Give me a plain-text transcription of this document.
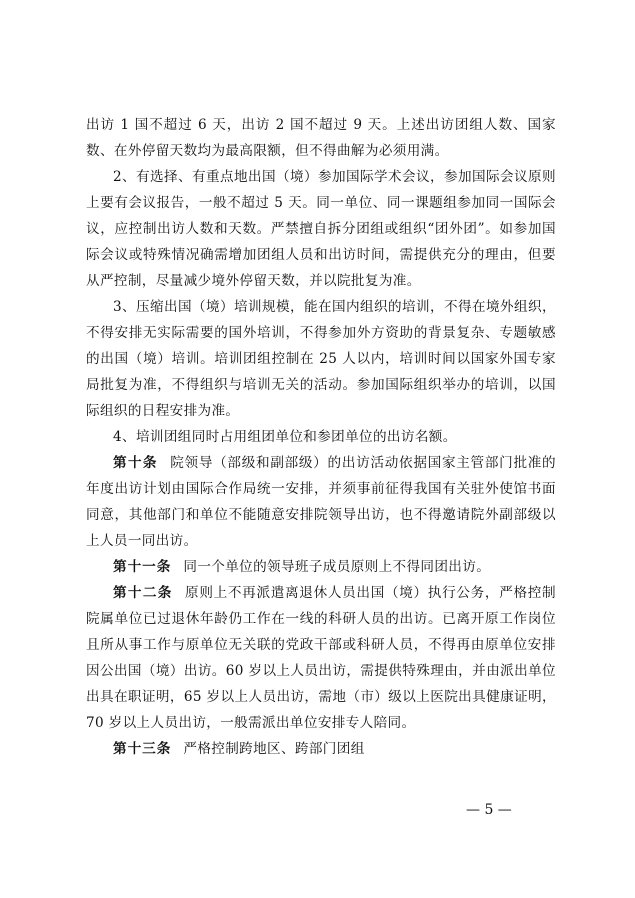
出访 1 国不超过 6 天，出访 2 国不超过 9 天。上述出访团组人数、国家数、在外停留天数均为最高限额，但不得曲解为必须用满。

2、有选择、有重点地出国（境）参加国际学术会议，参加国际会议原则上要有会议报告，一般不超过 5 天。同一单位、同一课题组参加同一国际会议，应控制出访人数和天数。严禁擅自拆分团组或组织“团外团”。如参加国际会议或特殊情况确需增加团组人员和出访时间，需提供充分的理由，但要从严控制，尽量减少境外停留天数，并以院批复为准。

3、压缩出国（境）培训规模，能在国内组织的培训，不得在境外组织，不得安排无实际需要的国外培训，不得参加外方资助的背景复杂、专题敏感的出国（境）培训。培训团组控制在 25 人以内，培训时间以国家外国专家局批复为准，不得组织与培训无关的活动。参加国际组织举办的培训，以国际组织的日程安排为准。

4、培训团组同时占用组团单位和参团单位的出访名额。

第十条 院领导（部级和副部级）的出访活动依据国家主管部门批准的年度出访计划由国际合作局统一安排，并须事前征得我国有关驻外使馆书面同意，其他部门和单位不能随意安排院领导出访，也不得邀请院外副部级以上人员一同出访。

第十一条 同一个单位的领导班子成员原则上不得同团出访。

第十二条 原则上不再派遣离退休人员出国（境）执行公务，严格控制院属单位已过退休年龄仍工作在一线的科研人员的出访。已离开原工作岗位且所从事工作与原单位无关联的党政干部或科研人员，不得再由原单位安排因公出国（境）出访。60 岁以上人员出访，需提供特殊理由，并由派出单位出具在职证明，65 岁以上人员出访，需地（市）级以上医院出具健康证明，70 岁以上人员出访，一般需派出单位安排专人陪同。

第十三条 严格控制跨地区、跨部门团组

— 5 —
